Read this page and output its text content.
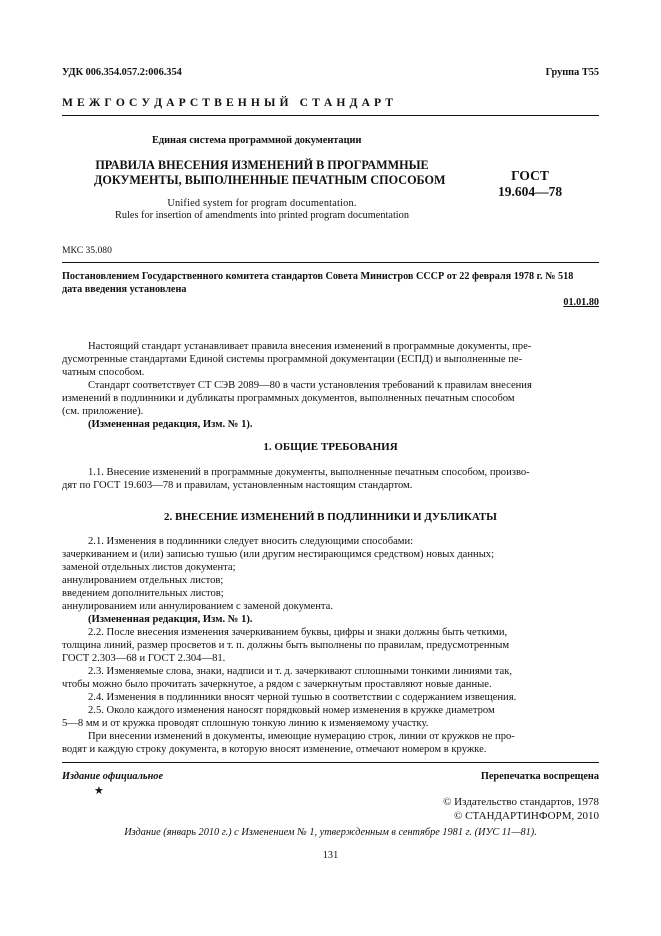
УДК 006.354.057.2:006.354	Группа Т55
М Е Ж Г О С У Д А Р С Т В Е Н Н Ы Й   С Т А Н Д А Р Т
Единая система программной документации
ПРАВИЛА ВНЕСЕНИЯ ИЗМЕНЕНИЙ В ПРОГРАММНЫЕ
ДОКУМЕНТЫ, ВЫПОЛНЕННЫЕ ПЕЧАТНЫМ СПОСОБОМ
Unified system for program documentation.
Rules for insertion of amendments into printed program documentation
ГОСТ
19.604—78
МКС 35.080
Постановлением Государственного комитета стандартов Совета Министров СССР от 22 февраля 1978 г. № 518
дата введения установлена
01.01.80
Настоящий стандарт устанавливает правила внесения изменений в программные документы, пре-
дусмотренные стандартами Единой системы программной документации (ЕСПД) и выполненные пе-
чатным способом.
Стандарт соответствует СТ СЭВ 2089—80 в части установления требований к правилам внесения
изменений в подлинники и дубликаты программных документов, выполненных печатным способом
(см. приложение).
(Измененная редакция, Изм. № 1).
1. ОБЩИЕ ТРЕБОВАНИЯ
1.1. Внесение изменений в программные документы, выполненные печатным способом, произво-
дят по ГОСТ 19.603—78 и правилам, установленным настоящим стандартом.
2. ВНЕСЕНИЕ ИЗМЕНЕНИЙ В ПОДЛИННИКИ И ДУБЛИКАТЫ
2.1. Изменения в подлинники следует вносить следующими способами:
зачеркиванием и (или) записью тушью (или другим нестирающимся средством) новых данных;
заменой отдельных листов документа;
аннулированием отдельных листов;
введением дополнительных листов;
аннулированием или аннулированием с заменой документа.
(Измененная редакция, Изм. № 1).
2.2. После внесения изменения зачеркиванием буквы, цифры и знаки должны быть четкими,
толщина линий, размер просветов и т. п. должны быть выполнены по правилам, предусмотренным
ГОСТ 2.303—68 и ГОСТ 2.304—81.
2.3. Изменяемые слова, знаки, надписи и т. д. зачеркивают сплошными тонкими линиями так,
чтобы можно было прочитать зачеркнутое, а рядом с зачеркнутым проставляют новые данные.
2.4. Изменения в подлинники вносят черной тушью в соответствии с содержанием извещения.
2.5. Около каждого изменения наносят порядковый номер изменения в кружке диаметром
5—8 мм и от кружка проводят сплошную тонкую линию к изменяемому участку.
При внесении изменений в документы, имеющие нумерацию строк, линии от кружков не про-
водят и каждую строку документа, в которую вносят изменение, отмечают номером в кружке.
Издание официальное	Перепечатка воспрещена
★
© Издательство стандартов, 1978
© СТАНДАРТИНФОРМ, 2010
Издание (январь 2010 г.) с Изменением № 1, утвержденным в сентябре 1981 г. (ИУС 11—81).
131
